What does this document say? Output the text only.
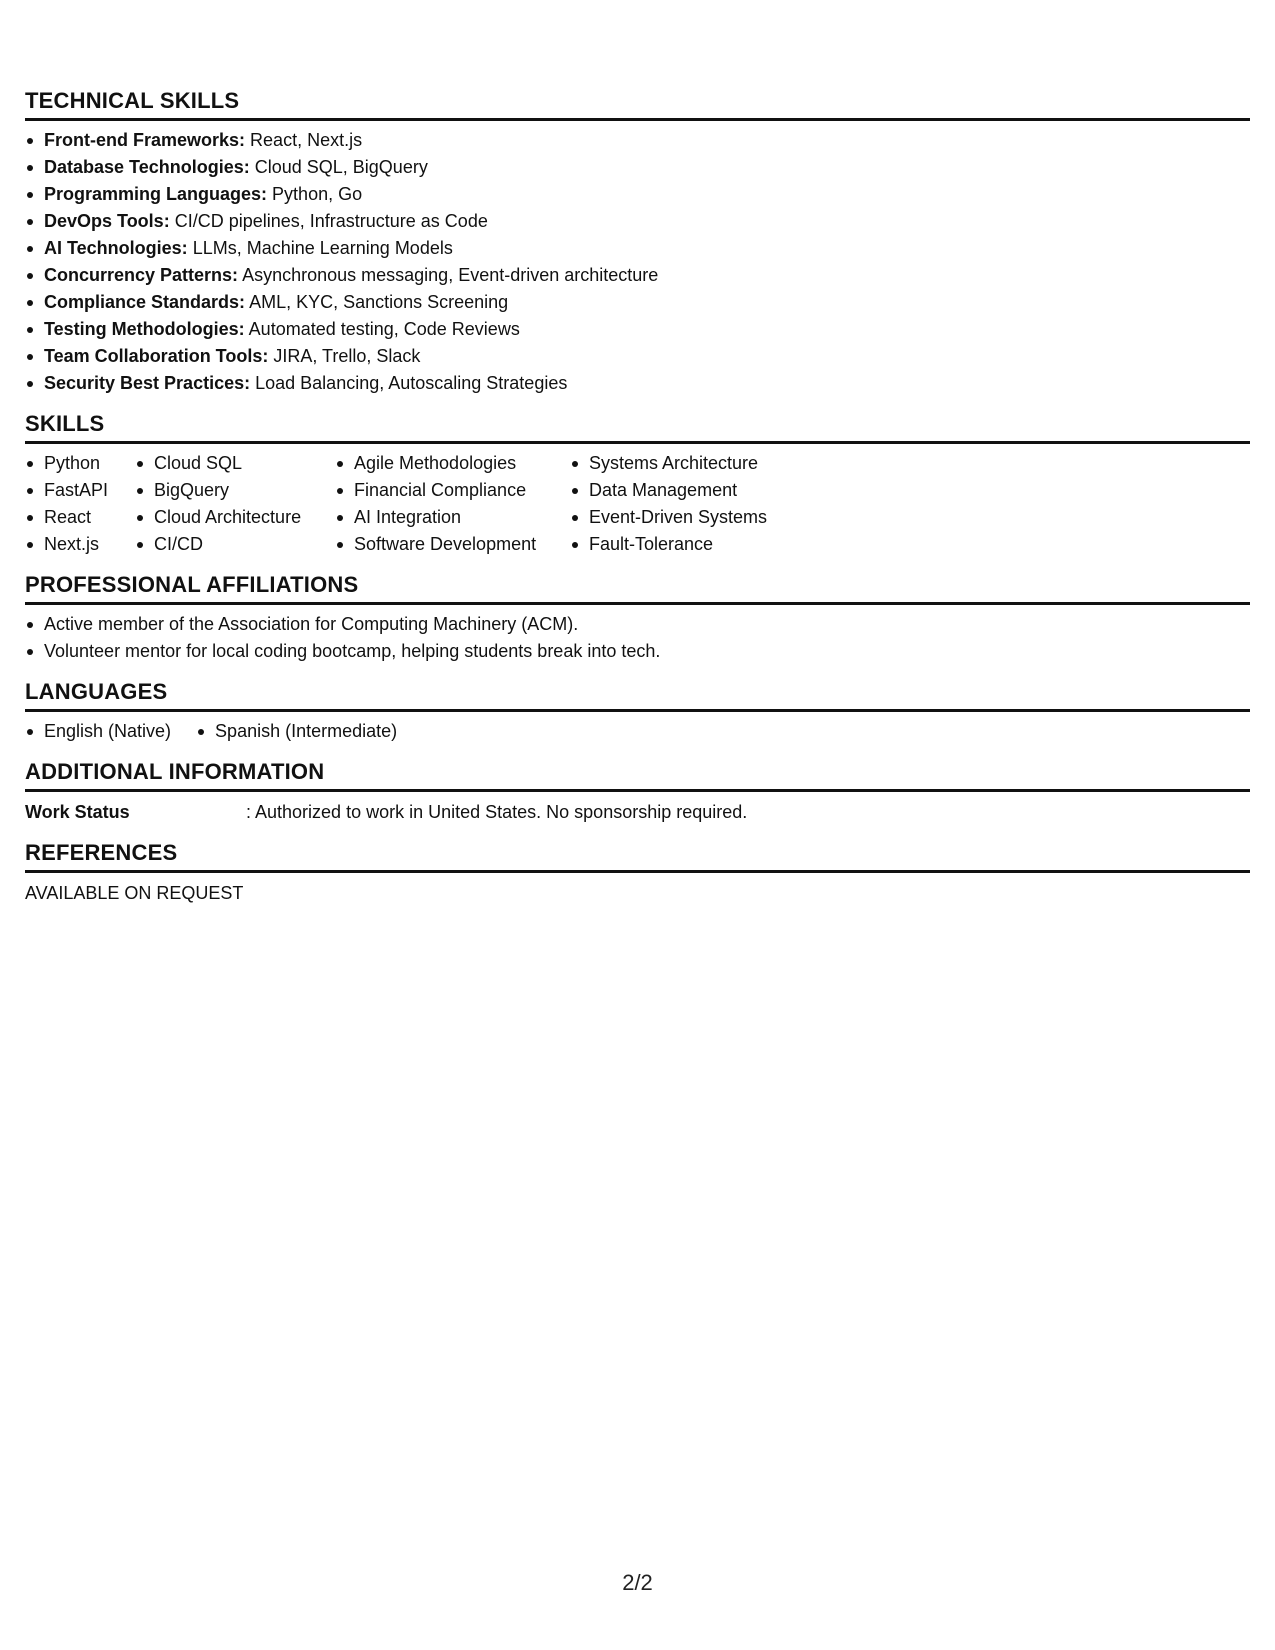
TECHNICAL SKILLS
Front-end Frameworks: React, Next.js
Database Technologies: Cloud SQL, BigQuery
Programming Languages: Python, Go
DevOps Tools: CI/CD pipelines, Infrastructure as Code
AI Technologies: LLMs, Machine Learning Models
Concurrency Patterns: Asynchronous messaging, Event-driven architecture
Compliance Standards: AML, KYC, Sanctions Screening
Testing Methodologies: Automated testing, Code Reviews
Team Collaboration Tools: JIRA, Trello, Slack
Security Best Practices: Load Balancing, Autoscaling Strategies
SKILLS
Python
FastAPI
React
Next.js
Cloud SQL
BigQuery
Cloud Architecture
CI/CD
Agile Methodologies
Financial Compliance
AI Integration
Software Development
Systems Architecture
Data Management
Event-Driven Systems
Fault-Tolerance
PROFESSIONAL AFFILIATIONS
Active member of the Association for Computing Machinery (ACM).
Volunteer mentor for local coding bootcamp, helping students break into tech.
LANGUAGES
English (Native)	Spanish (Intermediate)
ADDITIONAL INFORMATION
Work Status	: Authorized to work in United States. No sponsorship required.
REFERENCES
AVAILABLE ON REQUEST
2/2
